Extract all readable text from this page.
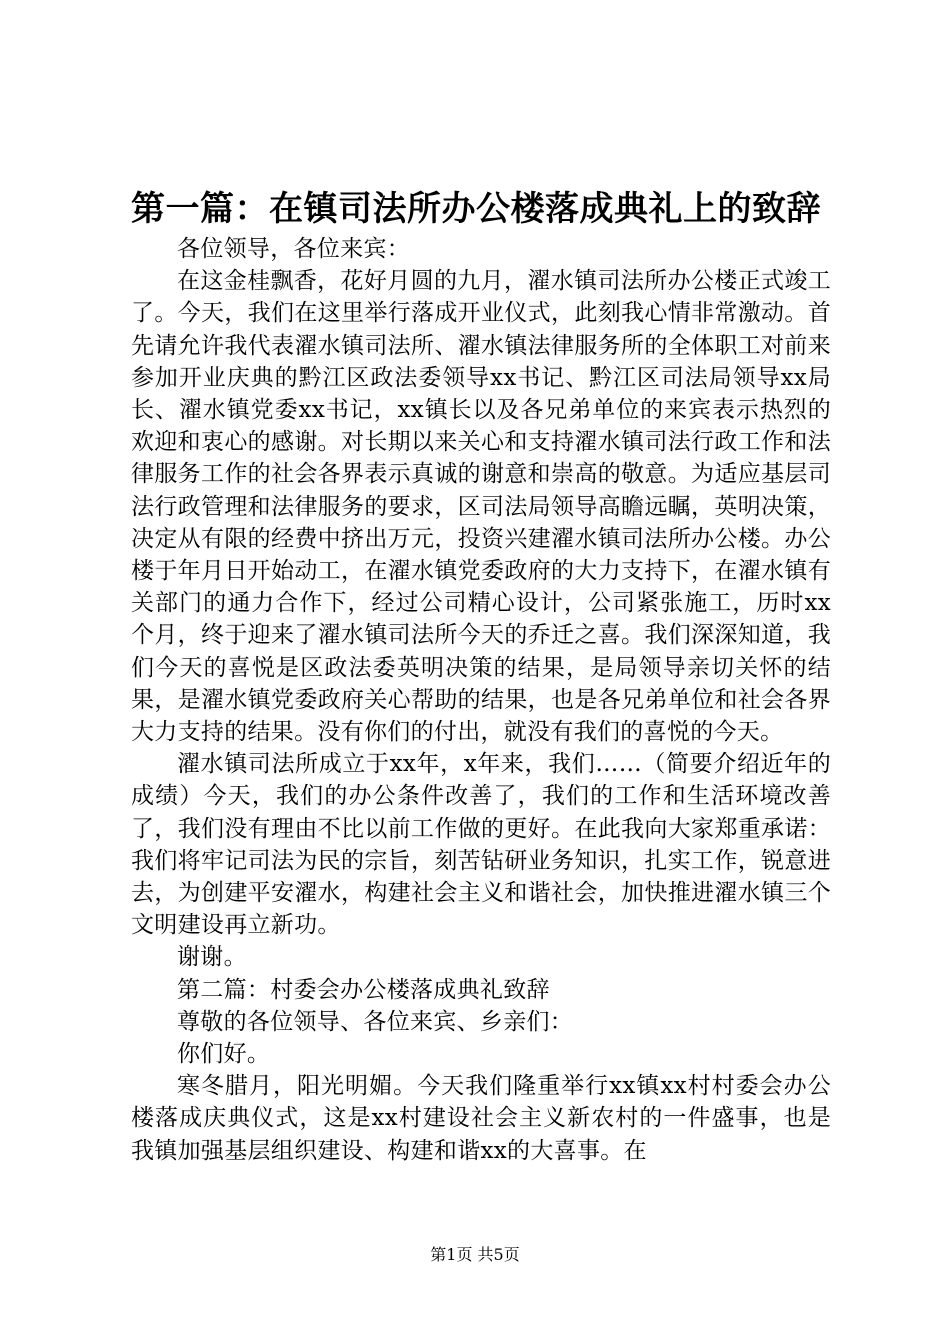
第一篇：在镇司法所办公楼落成典礼上的致辞

各位领导，各位来宾：

在这金桂飘香，花好月圆的九月，濯水镇司法所办公楼正式竣工了。今天，我们在这里举行落成开业仪式，此刻我心情非常激动。首先请允许我代表濯水镇司法所、濯水镇法律服务所的全体职工对前来参加开业庆典的黔江区政法委领导xx书记、黔江区司法局领导xx局长、濯水镇党委xx书记，xx镇长以及各兄弟单位的来宾表示热烈的欢迎和衷心的感谢。对长期以来关心和支持濯水镇司法行政工作和法律服务工作的社会各界表示真诚的谢意和崇高的敬意。为适应基层司法行政管理和法律服务的要求，区司法局领导高瞻远瞩，英明决策，决定从有限的经费中挤出万元，投资兴建濯水镇司法所办公楼。办公楼于年月日开始动工，在濯水镇党委政府的大力支持下，在濯水镇有关部门的通力合作下，经过公司精心设计，公司紧张施工，历时xx个月，终于迎来了濯水镇司法所今天的乔迁之喜。我们深深知道，我们今天的喜悦是区政法委英明决策的结果，是局领导亲切关怀的结果，是濯水镇党委政府关心帮助的结果，也是各兄弟单位和社会各界大力支持的结果。没有你们的付出，就没有我们的喜悦的今天。

濯水镇司法所成立于xx年，x年来，我们……（简要介绍近年的成绩）今天，我们的办公条件改善了，我们的工作和生活环境改善了，我们没有理由不比以前工作做的更好。在此我向大家郑重承诺：我们将牢记司法为民的宗旨，刻苦钻研业务知识，扎实工作，锐意进去，为创建平安濯水，构建社会主义和谐社会，加快推进濯水镇三个文明建设再立新功。

谢谢。

第二篇：村委会办公楼落成典礼致辞

尊敬的各位领导、各位来宾、乡亲们：

你们好。

寒冬腊月，阳光明媚。今天我们隆重举行xx镇xx村村委会办公楼落成庆典仪式，这是xx村建设社会主义新农村的一件盛事，也是我镇加强基层组织建设、构建和谐xx的大喜事。在

第1页 共5页
